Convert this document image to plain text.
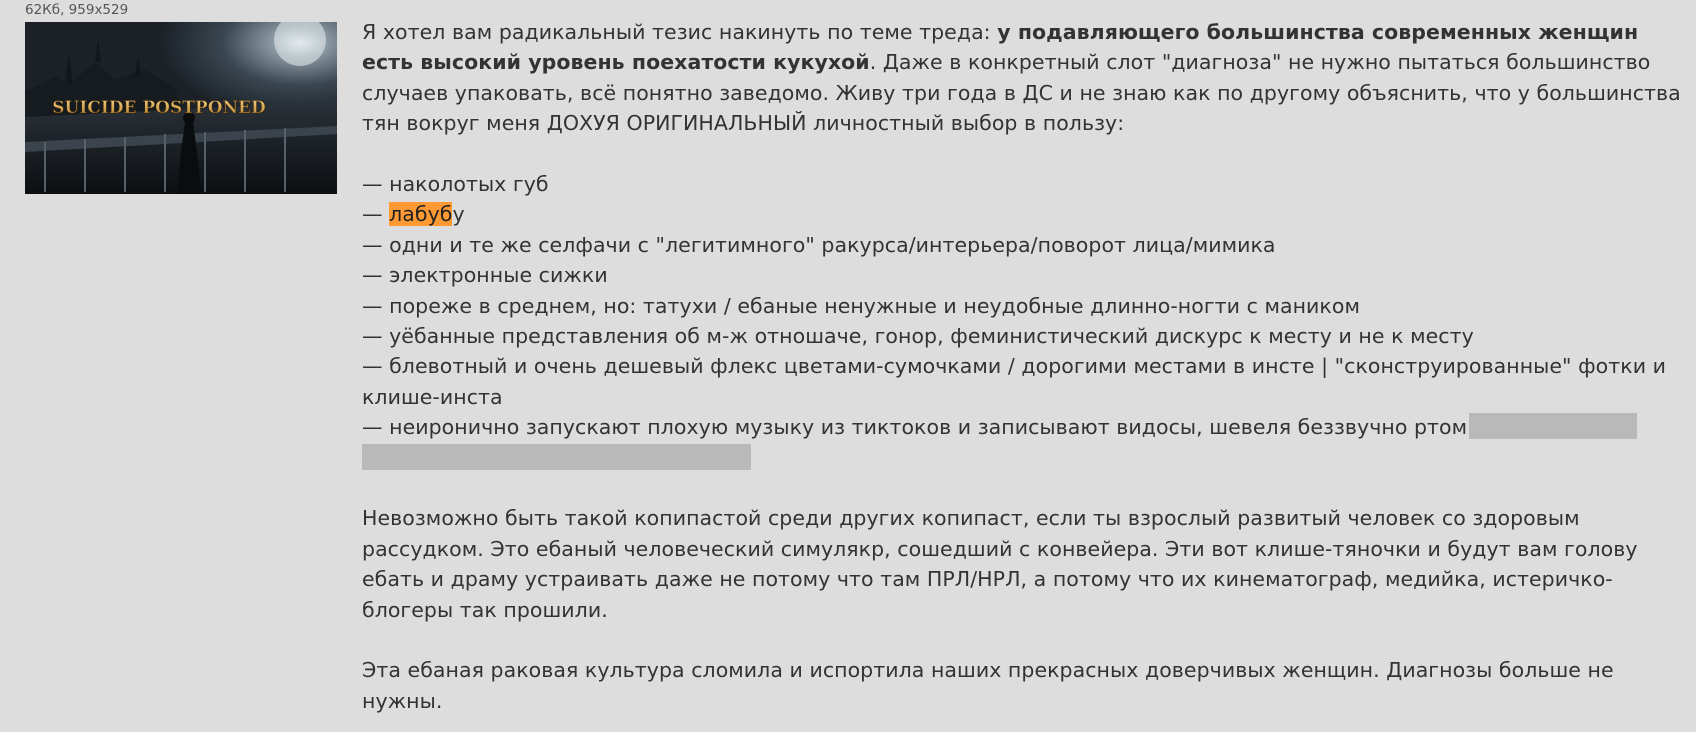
62Кб, 959x529
SUICIDE POSTPONED

Я хотел вам радикальный тезис накинуть по теме треда: у подавляющего большинства современных женщин есть высокий уровень поехатости кукухой. Даже в конкретный слот "диагноза" не нужно пытаться большинство случаев упаковать, всё понятно заведомо. Живу три года в ДС и не знаю как по другому объяснить, что у большинства тян вокруг меня ДОХУЯ ОРИГИНАЛЬНЫЙ личностный выбор в пользу:

— наколотых губ

— лабубу

— одни и те же селфачи с "легитимного" ракурса/интерьера/поворот лица/мимика

— электронные сижки

— пореже в среднем, но: татухи / ебаные ненужные и неудобные длинно-ногти с маником

— уёбанные представления об м-ж отношаче, гонор, феминистический дискурс к месту и не к месту

— блевотный и очень дешевый флекс цветами-сумочками / дорогими местами в инсте | "сконструированные" фотки и клише-инста

— неиронично запускают плохую музыку из тиктоков и записывают видосы, шевеля беззвучно ртом

Невозможно быть такой копипастой среди других копипаст, если ты взрослый развитый человек со здоровым рассудком. Это ебаный человеческий симулякр, сошедший с конвейера. Эти вот клише-тяночки и будут вам голову ебать и драму устраивать даже не потому что там ПРЛ/НРЛ, а потому что их кинематограф, медийка, истеричко-блогеры так прошили.

Эта ебаная раковая культура сломила и испортила наших прекрасных доверчивых женщин. Диагнозы больше не нужны.
